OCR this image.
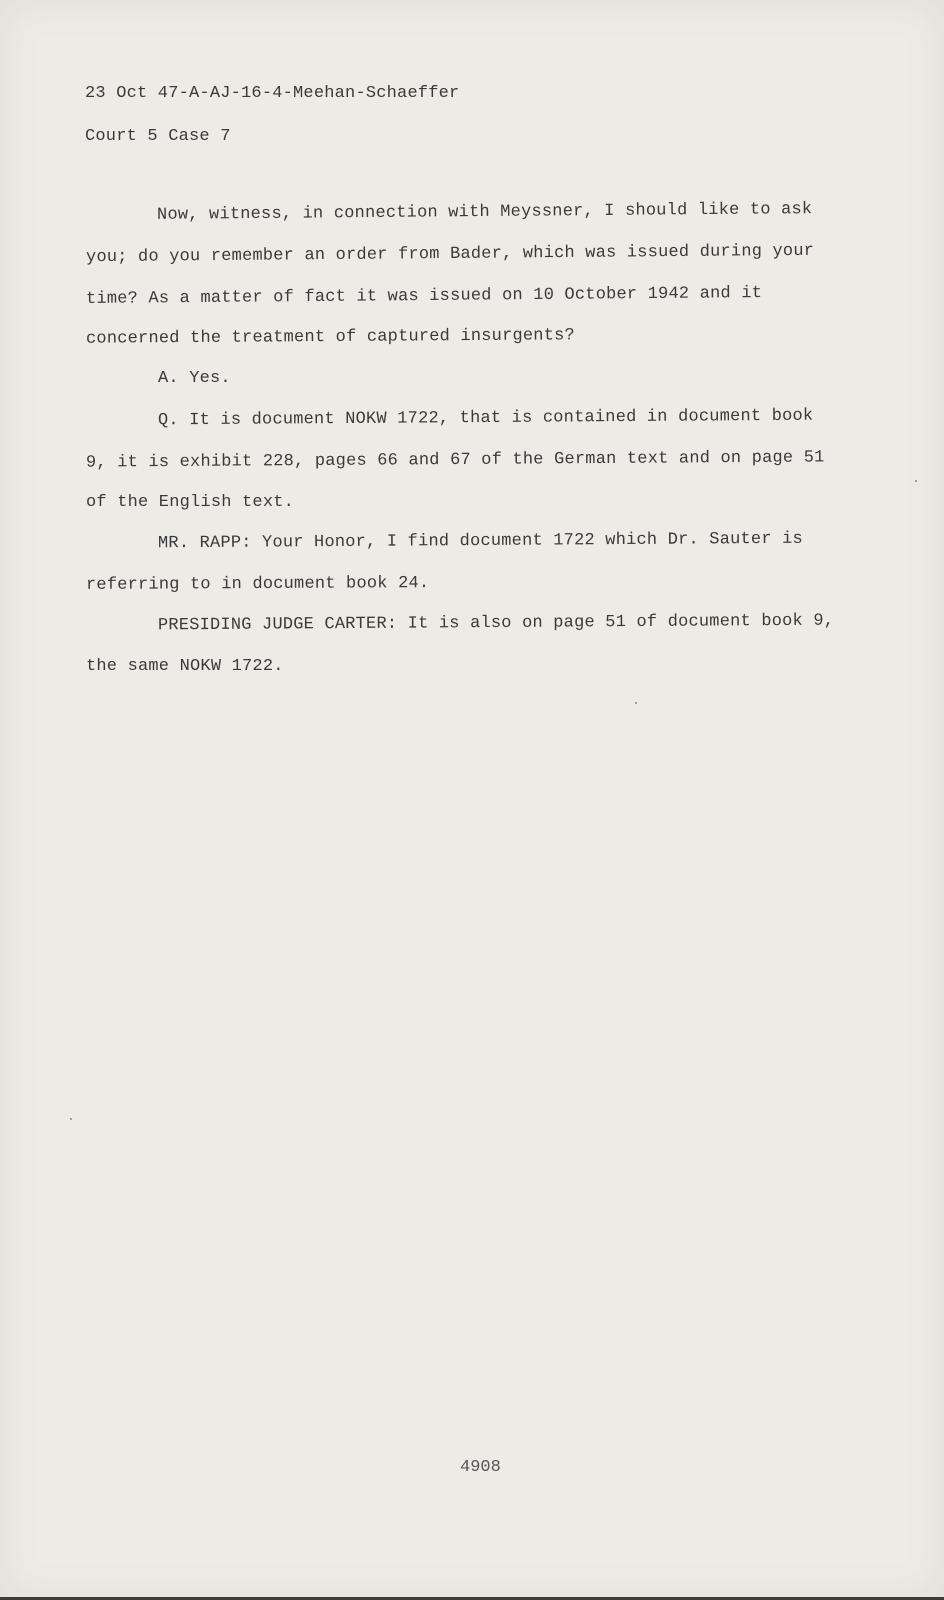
23 Oct 47-A-AJ-16-4-Meehan-Schaeffer

Court 5 Case 7

Now, witness, in connection with Meyssner, I should like to ask

you; do you remember an order from Bader, which was issued during your

time? As a matter of fact it was issued on 10 October 1942 and it

concerned the treatment of captured insurgents?

A. Yes.

Q. It is document NOKW 1722, that is contained in document book

9, it is exhibit 228, pages 66 and 67 of the German text and on page 51

of the English text.

MR. RAPP: Your Honor, I find document 1722 which Dr. Sauter is

referring to in document book 24.

PRESIDING JUDGE CARTER: It is also on page 51 of document book 9,

the same NOKW 1722.

4908
